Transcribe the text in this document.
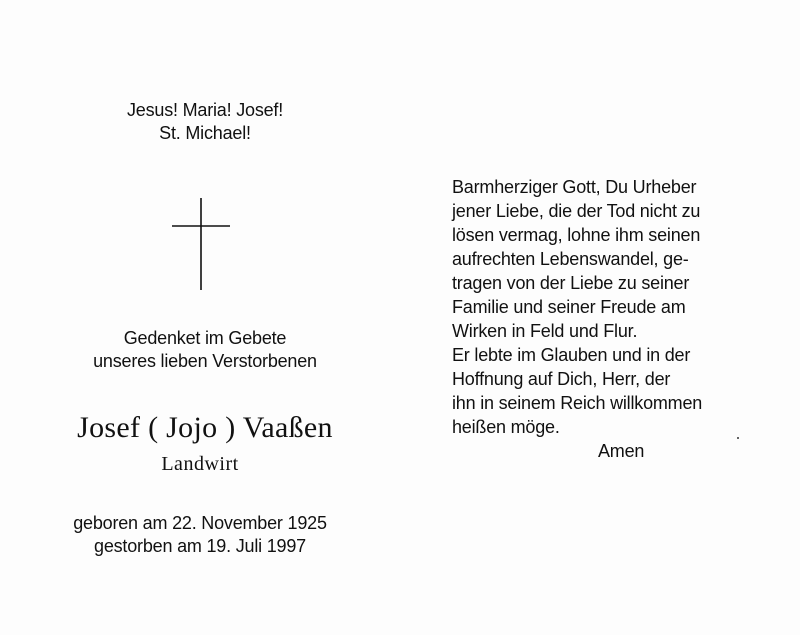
Jesus! Maria! Josef!
St. Michael!
Gedenket im Gebete
unseres lieben Verstorbenen
Josef ( Jojo ) Vaaßen
Landwirt
geboren am 22. November 1925
gestorben am 19. Juli 1997
Barmherziger Gott, Du Urheber
jener Liebe, die der Tod nicht zu
lösen vermag, lohne ihm seinen
aufrechten Lebenswandel, ge-
tragen von der Liebe zu seiner
Familie und seiner Freude am
Wirken in Feld und Flur.
Er lebte im Glauben und in der
Hoffnung auf Dich, Herr, der
ihn in seinem Reich willkommen
heißen möge.
Amen
